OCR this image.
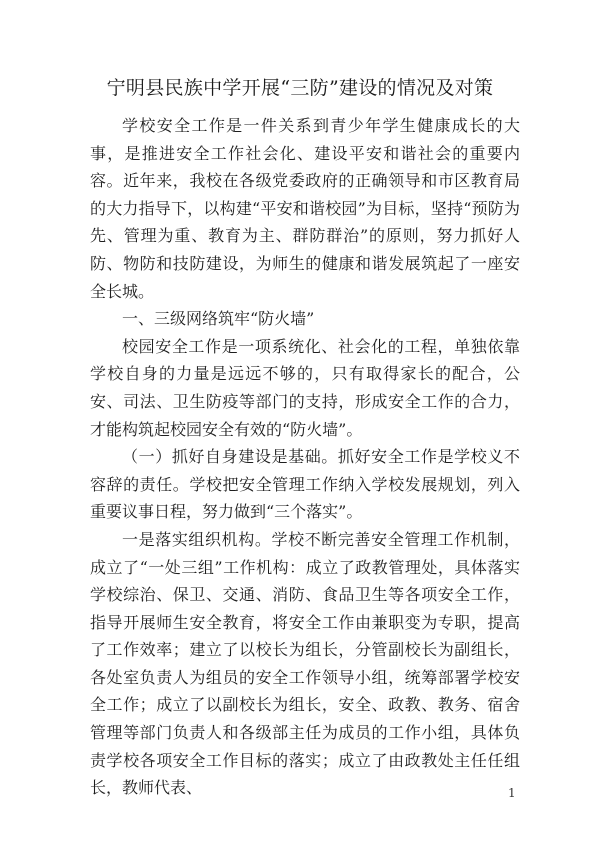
宁明县民族中学开展“三防”建设的情况及对策

学校安全工作是一件关系到青少年学生健康成长的大事，是推进安全工作社会化、建设平安和谐社会的重要内容。近年来，我校在各级党委政府的正确领导和市区教育局的大力指导下，以构建“平安和谐校园”为目标，坚持“预防为先、管理为重、教育为主、群防群治”的原则，努力抓好人防、物防和技防建设，为师生的健康和谐发展筑起了一座安全长城。

一、三级网络筑牢“防火墙”

校园安全工作是一项系统化、社会化的工程，单独依靠学校自身的力量是远远不够的，只有取得家长的配合，公安、司法、卫生防疫等部门的支持，形成安全工作的合力，才能构筑起校园安全有效的“防火墙”。

（一）抓好自身建设是基础。抓好安全工作是学校义不容辞的责任。学校把安全管理工作纳入学校发展规划，列入重要议事日程，努力做到“三个落实”。

一是落实组织机构。学校不断完善安全管理工作机制，成立了“一处三组”工作机构：成立了政教管理处，具体落实学校综治、保卫、交通、消防、食品卫生等各项安全工作，指导开展师生安全教育，将安全工作由兼职变为专职，提高了工作效率；建立了以校长为组长，分管副校长为副组长，各处室负责人为组员的安全工作领导小组，统筹部署学校安全工作；成立了以副校长为组长，安全、政教、教务、宿舍管理等部门负责人和各级部主任为成员的工作小组，具体负责学校各项安全工作目标的落实；成立了由政教处主任任组长，教师代表、	1
